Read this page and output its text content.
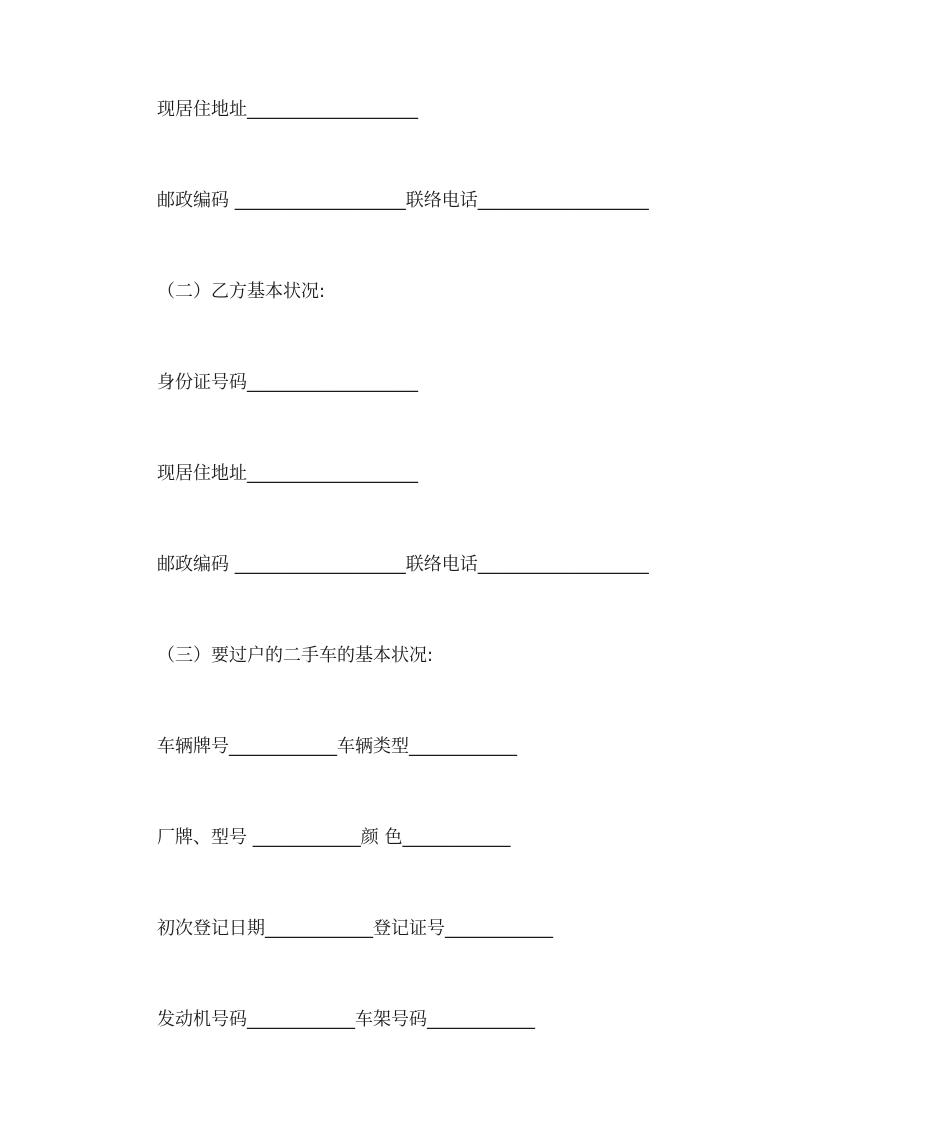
现居住地址___________________
邮政编码 ___________________联络电话___________________
（二）乙方基本状况:
身份证号码___________________
现居住地址___________________
邮政编码 ___________________联络电话___________________
（三）要过户的二手车的基本状况:
车辆牌号____________车辆类型____________
厂牌、型号 ____________颜 色____________
初次登记日期____________登记证号____________
发动机号码____________车架号码____________
